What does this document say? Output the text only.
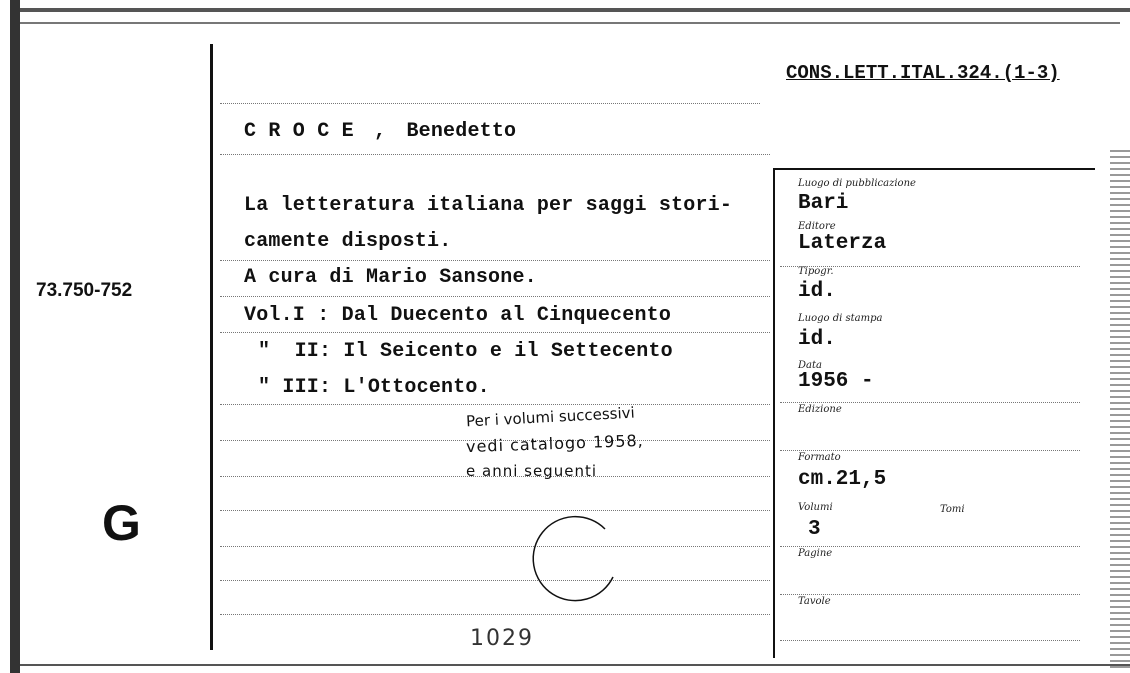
CONS.LETT.ITAL.324.(1-3)
73.750-752
G
C R O C E , Benedetto
La letteratura italiana per saggi stori-
camente disposti.
A cura di Mario Sansone.
Vol.I : Dal Duecento al Cinquecento
"  II: Il Seicento e il Settecento
" III: L'Ottocento.
Per i volumi successivi
vedi catalogo 1958,
e anni seguenti
1029
Luogo di pubblicazione
Bari
Editore
Laterza
Tipogr.
id.
Luogo di stampa
id.
Data
1956 -
Edizione
Formato
cm.21,5
Volumi	Tomi
3
Pagine
Tavole
